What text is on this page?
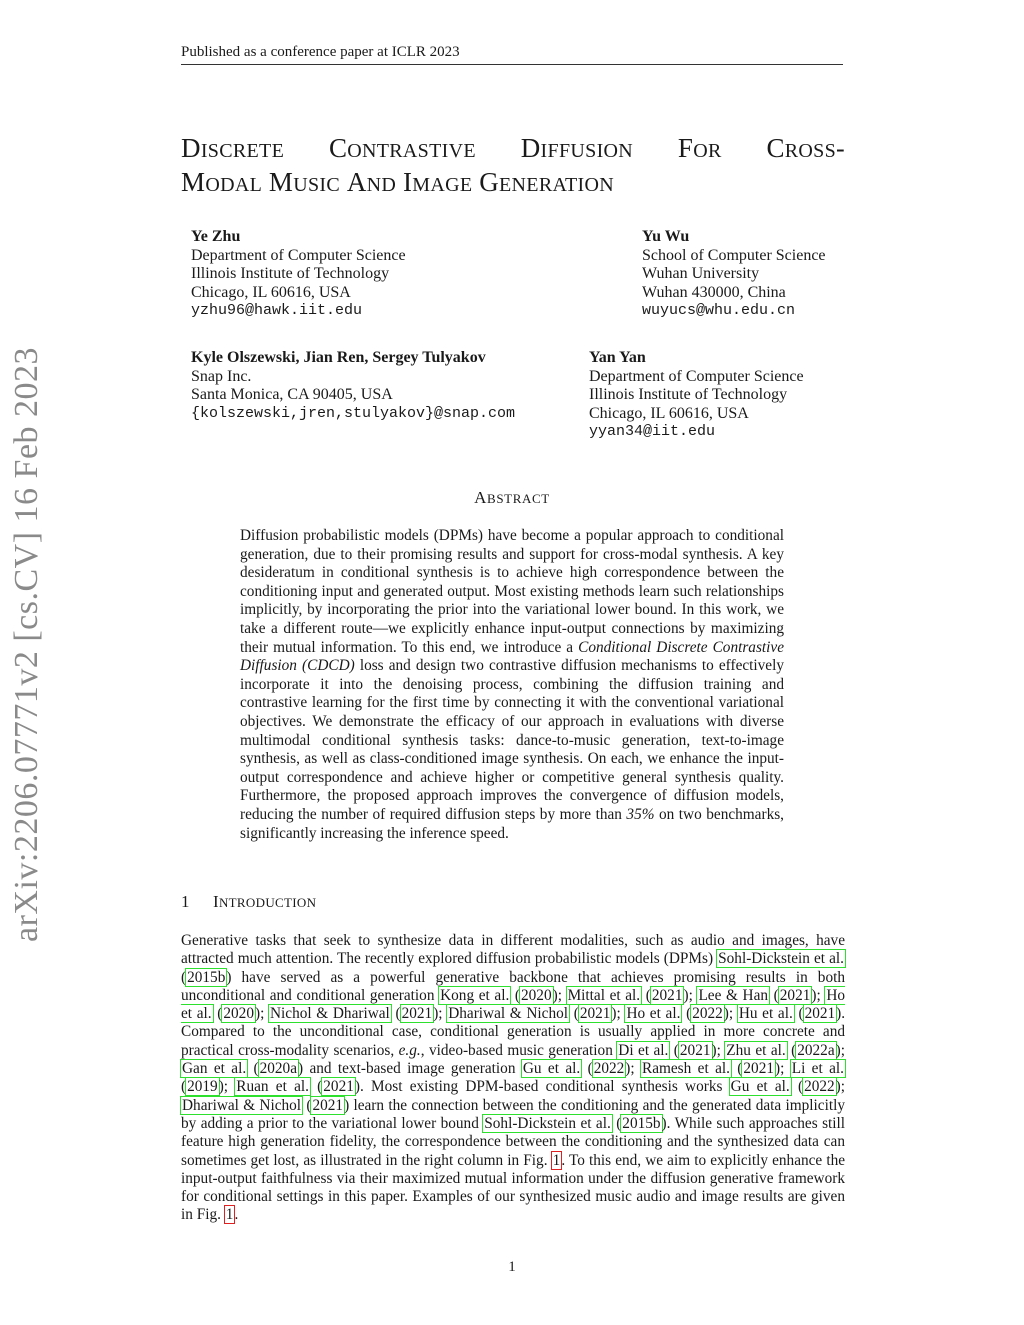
Published as a conference paper at ICLR 2023
DISCRETE CONTRASTIVE DIFFUSION FOR CROSS-
MODAL MUSIC AND IMAGE GENERATION
Ye Zhu
Department of Computer Science
Illinois Institute of Technology
Chicago, IL 60616, USA
yzhu96@hawk.iit.edu
Yu Wu
School of Computer Science
Wuhan University
Wuhan 430000, China
wuyucs@whu.edu.cn
Kyle Olszewski, Jian Ren, Sergey Tulyakov
Snap Inc.
Santa Monica, CA 90405, USA
{kolszewski,jren,stulyakov}@snap.com
Yan Yan
Department of Computer Science
Illinois Institute of Technology
Chicago, IL 60616, USA
yyan34@iit.edu
arXiv:2206.07771v2 [cs.CV] 16 Feb 2023	ABSTRACT
Diffusion probabilistic models (DPMs) have become a popular approach to conditional generation, due to their promising results and support for cross-modal synthesis. A key desideratum in conditional synthesis is to achieve high correspondence between the conditioning input and generated output. Most existing methods learn such relationships implicitly, by incorporating the prior into the variational lower bound. In this work, we take a different route—we explicitly enhance input-output connections by maximizing their mutual information. To this end, we introduce a Conditional Discrete Contrastive Diffusion (CDCD) loss and design two contrastive diffusion mechanisms to effectively incorporate it into the denoising process, combining the diffusion training and contrastive learning for the first time by connecting it with the conventional variational objectives. We demonstrate the efficacy of our approach in evaluations with diverse multimodal conditional synthesis tasks: dance-to-music generation, text-to-image synthesis, as well as class-conditioned image synthesis. On each, we enhance the input-output correspondence and achieve higher or competitive general synthesis quality. Furthermore, the proposed approach improves the convergence of diffusion models, reducing the number of required diffusion steps by more than 35% on two benchmarks, significantly increasing the inference speed.
1 INTRODUCTION
Generative tasks that seek to synthesize data in different modalities, such as audio and images, have attracted much attention. The recently explored diffusion probabilistic models (DPMs) Sohl-Dickstein et al. (2015b) have served as a powerful generative backbone that achieves promising results in both unconditional and conditional generation Kong et al. (2020); Mittal et al. (2021); Lee & Han (2021); Ho et al. (2020); Nichol & Dhariwal (2021); Dhariwal & Nichol (2021); Ho et al. (2022); Hu et al. (2021). Compared to the unconditional case, conditional generation is usually applied in more concrete and practical cross-modality scenarios, e.g., video-based music generation Di et al. (2021); Zhu et al. (2022a); Gan et al. (2020a) and text-based image generation Gu et al. (2022); Ramesh et al. (2021); Li et al. (2019); Ruan et al. (2021). Most existing DPM-based conditional synthesis works Gu et al. (2022); Dhariwal & Nichol (2021) learn the connection between the conditioning and the generated data implicitly by adding a prior to the variational lower bound Sohl-Dickstein et al. (2015b). While such approaches still feature high generation fidelity, the correspondence between the conditioning and the synthesized data can sometimes get lost, as illustrated in the right column in Fig. 1. To this end, we aim to explicitly enhance the input-output faithfulness via their maximized mutual information under the diffusion generative framework for conditional settings in this paper. Examples of our synthesized music audio and image results are given in Fig. 1.
1
